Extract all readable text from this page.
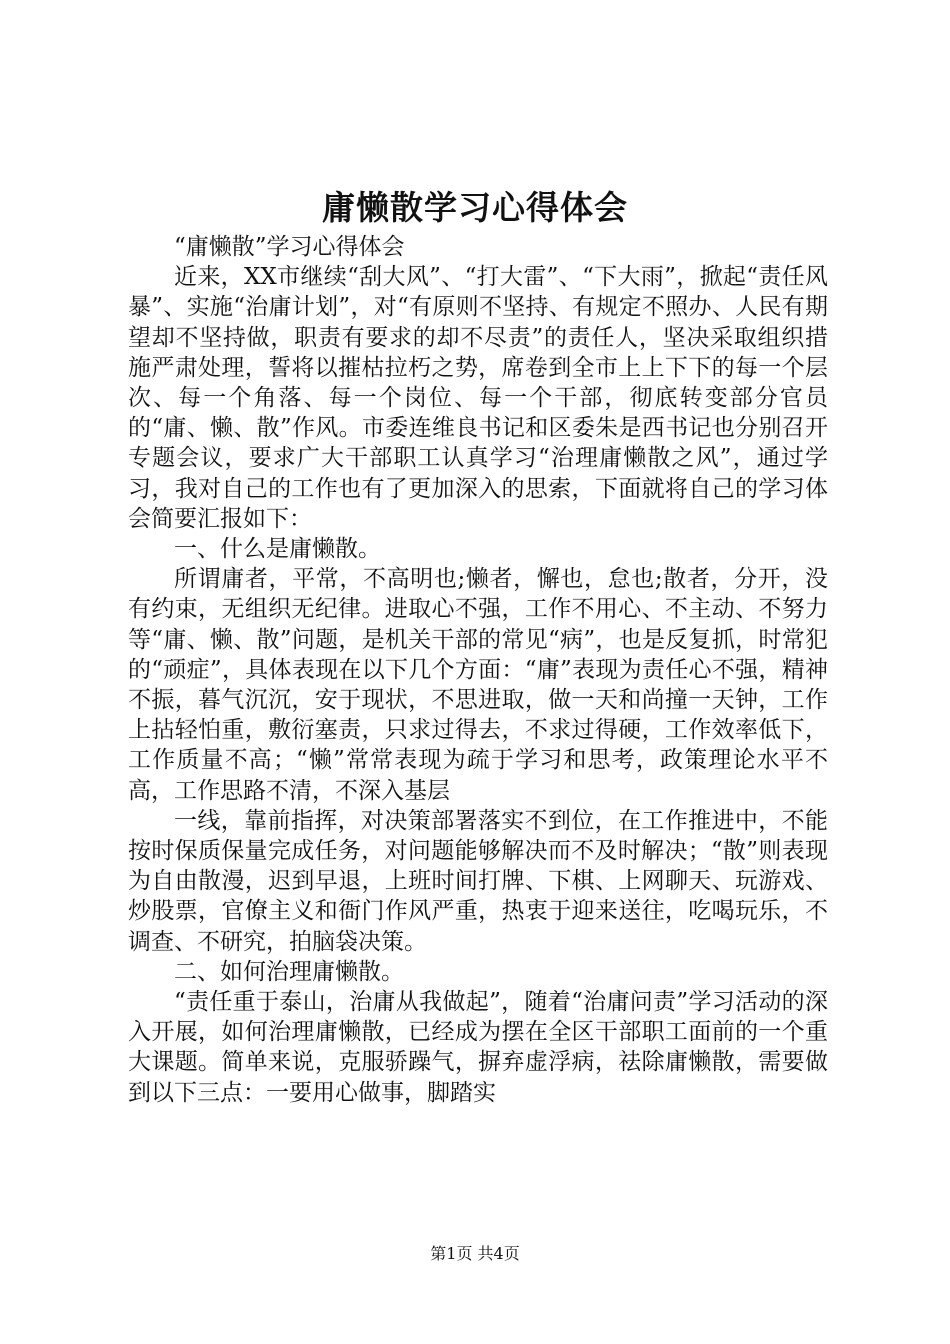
庸懒散学习心得体会

“庸懒散”学习心得体会

近来，XX市继续“刮大风”、“打大雷”、“下大雨”，掀起“责任风暴”、实施“治庸计划”，对“有原则不坚持、有规定不照办、人民有期望却不坚持做，职责有要求的却不尽责”的责任人，坚决采取组织措施严肃处理，誓将以摧枯拉朽之势，席卷到全市上上下下的每一个层次、每一个角落、每一个岗位、每一个干部，彻底转变部分官员的“庸、懒、散”作风。市委连维良书记和区委朱是西书记也分别召开专题会议，要求广大干部职工认真学习“治理庸懒散之风”，通过学习，我对自己的工作也有了更加深入的思索，下面就将自己的学习体会简要汇报如下：

一、什么是庸懒散。

所谓庸者，平常，不高明也;懒者，懈也，怠也;散者，分开，没有约束，无组织无纪律。进取心不强，工作不用心、不主动、不努力等“庸、懒、散”问题，是机关干部的常见“病”，也是反复抓，时常犯的“顽症”，具体表现在以下几个方面：“庸”表现为责任心不强，精神不振，暮气沉沉，安于现状，不思进取，做一天和尚撞一天钟，工作上拈轻怕重，敷衍塞责，只求过得去，不求过得硬，工作效率低下，工作质量不高；“懒”常常表现为疏于学习和思考，政策理论水平不高，工作思路不清，不深入基层

一线，靠前指挥，对决策部署落实不到位，在工作推进中，不能按时保质保量完成任务，对问题能够解决而不及时解决；“散”则表现为自由散漫，迟到早退，上班时间打牌、下棋、上网聊天、玩游戏、炒股票，官僚主义和衙门作风严重，热衷于迎来送往，吃喝玩乐，不调查、不研究，拍脑袋决策。

二、如何治理庸懒散。

“责任重于泰山，治庸从我做起”，随着“治庸问责”学习活动的深入开展，如何治理庸懒散，已经成为摆在全区干部职工面前的一个重大课题。简单来说，克服骄躁气，摒弃虚浮病，祛除庸懒散，需要做到以下三点：一要用心做事，脚踏实

第1页 共4页
